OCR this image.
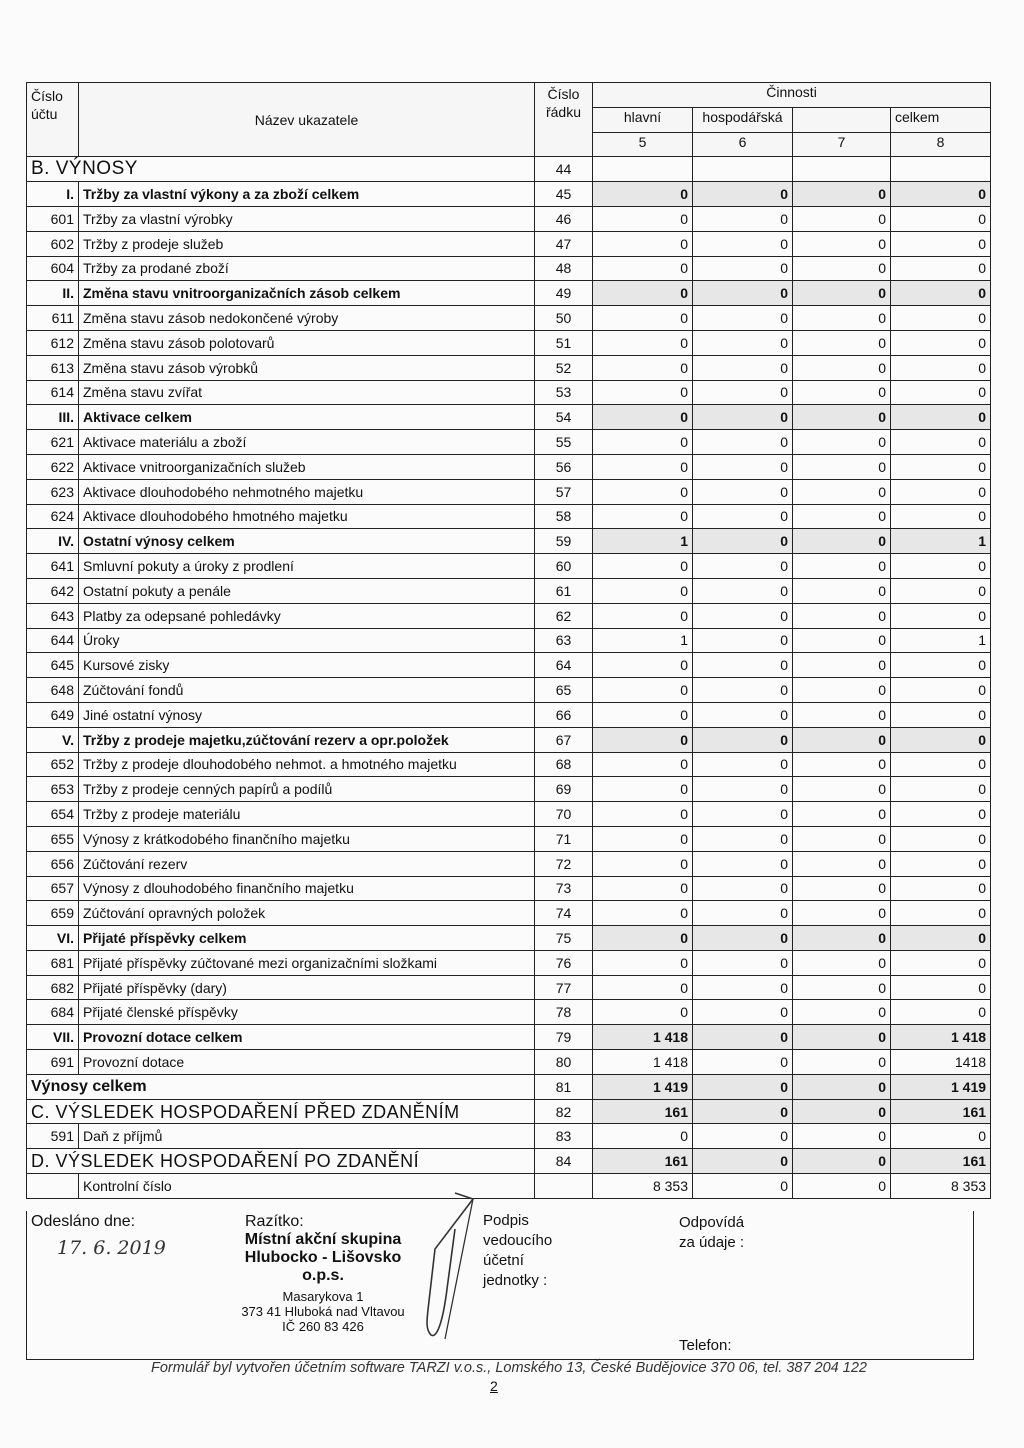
Číslo účtu	Název ukazatele	Číslo řádku	Činnosti			
			hlavní	hospodářská		celkem
			5	6	7	8
B. VÝNOSY		44				
I.	Tržby za vlastní výkony a za zboží celkem	45	0	0	0	0
601	Tržby za vlastní výrobky	46	0	0	0	0
602	Tržby z prodeje služeb	47	0	0	0	0
604	Tržby za prodané zboží	48	0	0	0	0
II.	Změna stavu vnitroorganizačních zásob celkem	49	0	0	0	0
611	Změna stavu zásob nedokončené výroby	50	0	0	0	0
612	Změna stavu zásob polotovarů	51	0	0	0	0
613	Změna stavu zásob výrobků	52	0	0	0	0
614	Změna stavu zvířat	53	0	0	0	0
III.	Aktivace celkem	54	0	0	0	0
621	Aktivace materiálu a zboží	55	0	0	0	0
622	Aktivace vnitroorganizačních služeb	56	0	0	0	0
623	Aktivace dlouhodobého nehmotného majetku	57	0	0	0	0
624	Aktivace dlouhodobého hmotného majetku	58	0	0	0	0
IV.	Ostatní výnosy celkem	59	1	0	0	1
641	Smluvní pokuty a úroky z prodlení	60	0	0	0	0
642	Ostatní pokuty a penále	61	0	0	0	0
643	Platby za odepsané pohledávky	62	0	0	0	0
644	Úroky	63	1	0	0	1
645	Kursové zisky	64	0	0	0	0
648	Zúčtování fondů	65	0	0	0	0
649	Jiné ostatní výnosy	66	0	0	0	0
V.	Tržby z prodeje majetku,zúčtování rezerv a opr.položek	67	0	0	0	0
652	Tržby z prodeje dlouhodobého nehmot. a hmotného majetku	68	0	0	0	0
653	Tržby z prodeje cenných papírů a podílů	69	0	0	0	0
654	Tržby z prodeje materiálu	70	0	0	0	0
655	Výnosy z krátkodobého finančního majetku	71	0	0	0	0
656	Zúčtování rezerv	72	0	0	0	0
657	Výnosy z dlouhodobého finančního majetku	73	0	0	0	0
659	Zúčtování opravných položek	74	0	0	0	0
VI.	Přijaté příspěvky celkem	75	0	0	0	0
681	Přijaté příspěvky zúčtované mezi organizačními složkami	76	0	0	0	0
682	Přijaté příspěvky (dary)	77	0	0	0	0
684	Přijaté členské příspěvky	78	0	0	0	0
VII.	Provozní dotace celkem	79	1 418	0	0	1 418
691	Provozní dotace	80	1 418	0	0	1418
Výnosy celkem		81	1 419	0	0	1 419
C. VÝSLEDEK HOSPODAŘENÍ PŘED ZDANĚNÍM		82	161	0	0	161
591	Daň z příjmů	83	0	0	0	0
D. VÝSLEDEK HOSPODAŘENÍ PO ZDANĚNÍ		84	161	0	0	161
	Kontrolní číslo		8 353	0	0	8 353
Odesláno dne:
17. 6. 2019
Razítko:
Místní akční skupina
Hlubocko - Lišovsko o.p.s.
Masarykova 1
373 41 Hluboká nad Vltavou
IČ 260 83 426
Podpis
vedoucího
účetní
jednotky :
Odpovídá
za údaje :
Telefon:
Formulář byl vytvořen účetním software TARZI v.o.s., Lomského 13, České Budějovice 370 06, tel. 387 204 122
2
